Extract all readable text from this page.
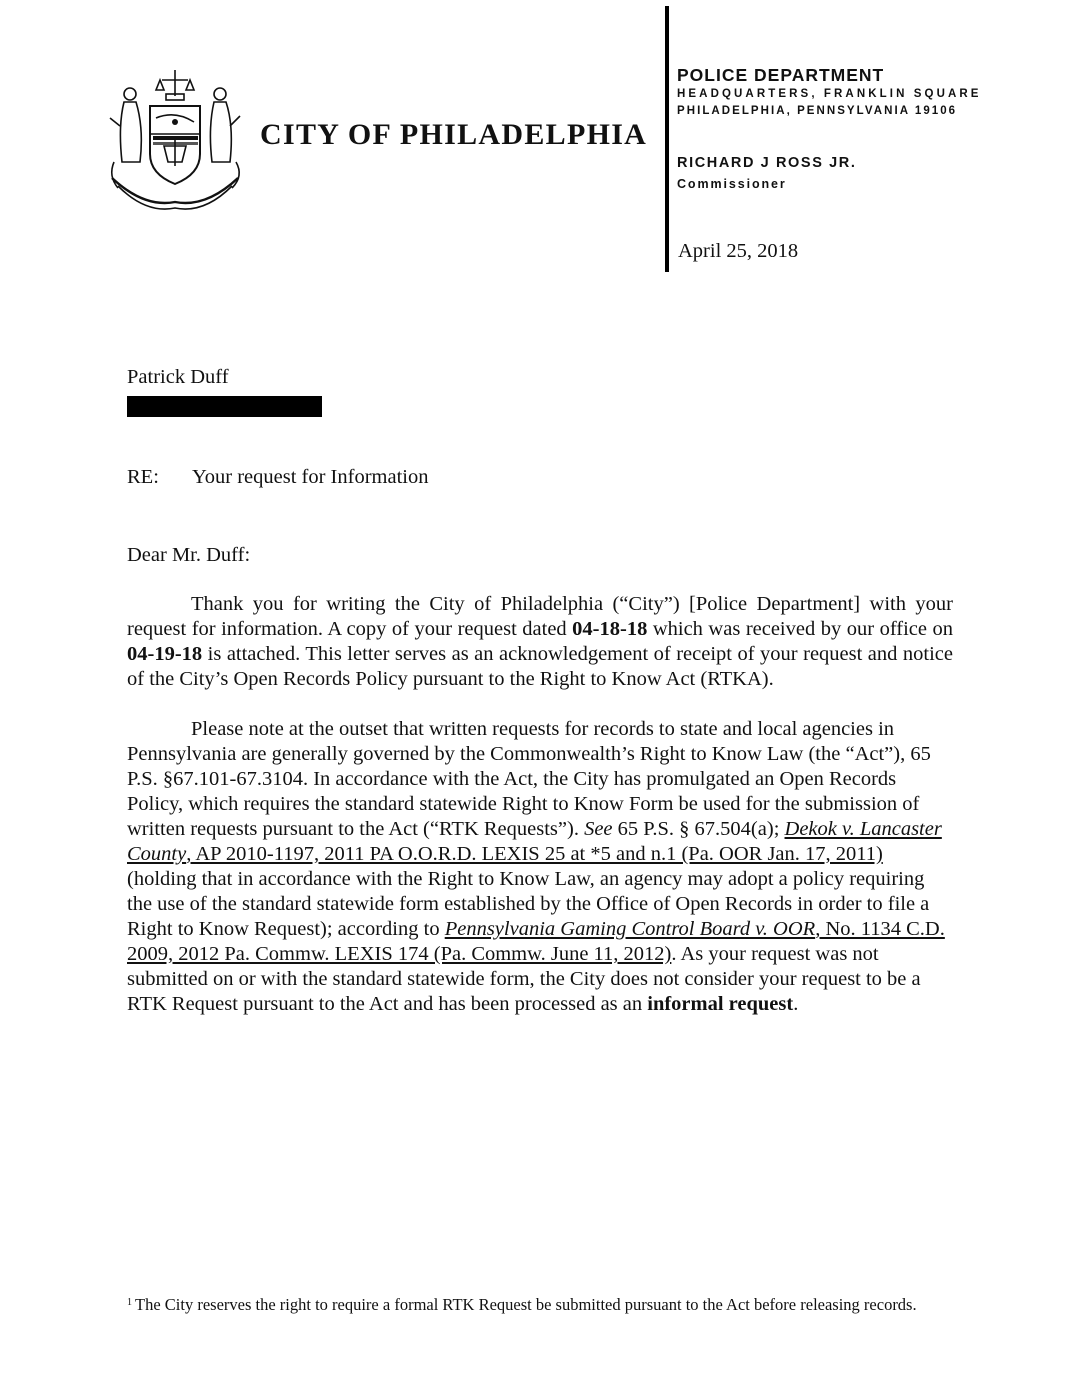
CITY OF PHILADELPHIA
POLICE DEPARTMENT
HEADQUARTERS, FRANKLIN SQUARE
PHILADELPHIA, PENNSYLVANIA 19106
RICHARD J ROSS JR.
Commissioner
April 25, 2018
Patrick Duff
RE: Your request for Information
Dear Mr. Duff:

Thank you for writing the City of Philadelphia (“City”) [Police Department] with your request for information. A copy of your request dated 04-18-18 which was received by our office on 04-19-18 is attached. This letter serves as an acknowledgement of receipt of your request and notice of the City’s Open Records Policy pursuant to the Right to Know Act (RTKA).

Please note at the outset that written requests for records to state and local agencies in Pennsylvania are generally governed by the Commonwealth’s Right to Know Law (the “Act”), 65 P.S. §67.101-67.3104. In accordance with the Act, the City has promulgated an Open Records Policy, which requires the standard statewide Right to Know Form be used for the submission of written requests pursuant to the Act (“RTK Requests”). See 65 P.S. § 67.504(a); Dekok v. Lancaster County, AP 2010-1197, 2011 PA O.O.R.D. LEXIS 25 at *5 and n.1 (Pa. OOR Jan. 17, 2011) (holding that in accordance with the Right to Know Law, an agency may adopt a policy requiring the use of the standard statewide form established by the Office of Open Records in order to file a Right to Know Request); according to Pennsylvania Gaming Control Board v. OOR, No. 1134 C.D. 2009, 2012 Pa. Commw. LEXIS 174 (Pa. Commw. June 11, 2012). As your request was not submitted on or with the standard statewide form, the City does not consider your request to be a RTK Request pursuant to the Act and has been processed as an informal request.

$^1$ The City reserves the right to require a formal RTK Request be submitted pursuant to the Act before releasing records.
